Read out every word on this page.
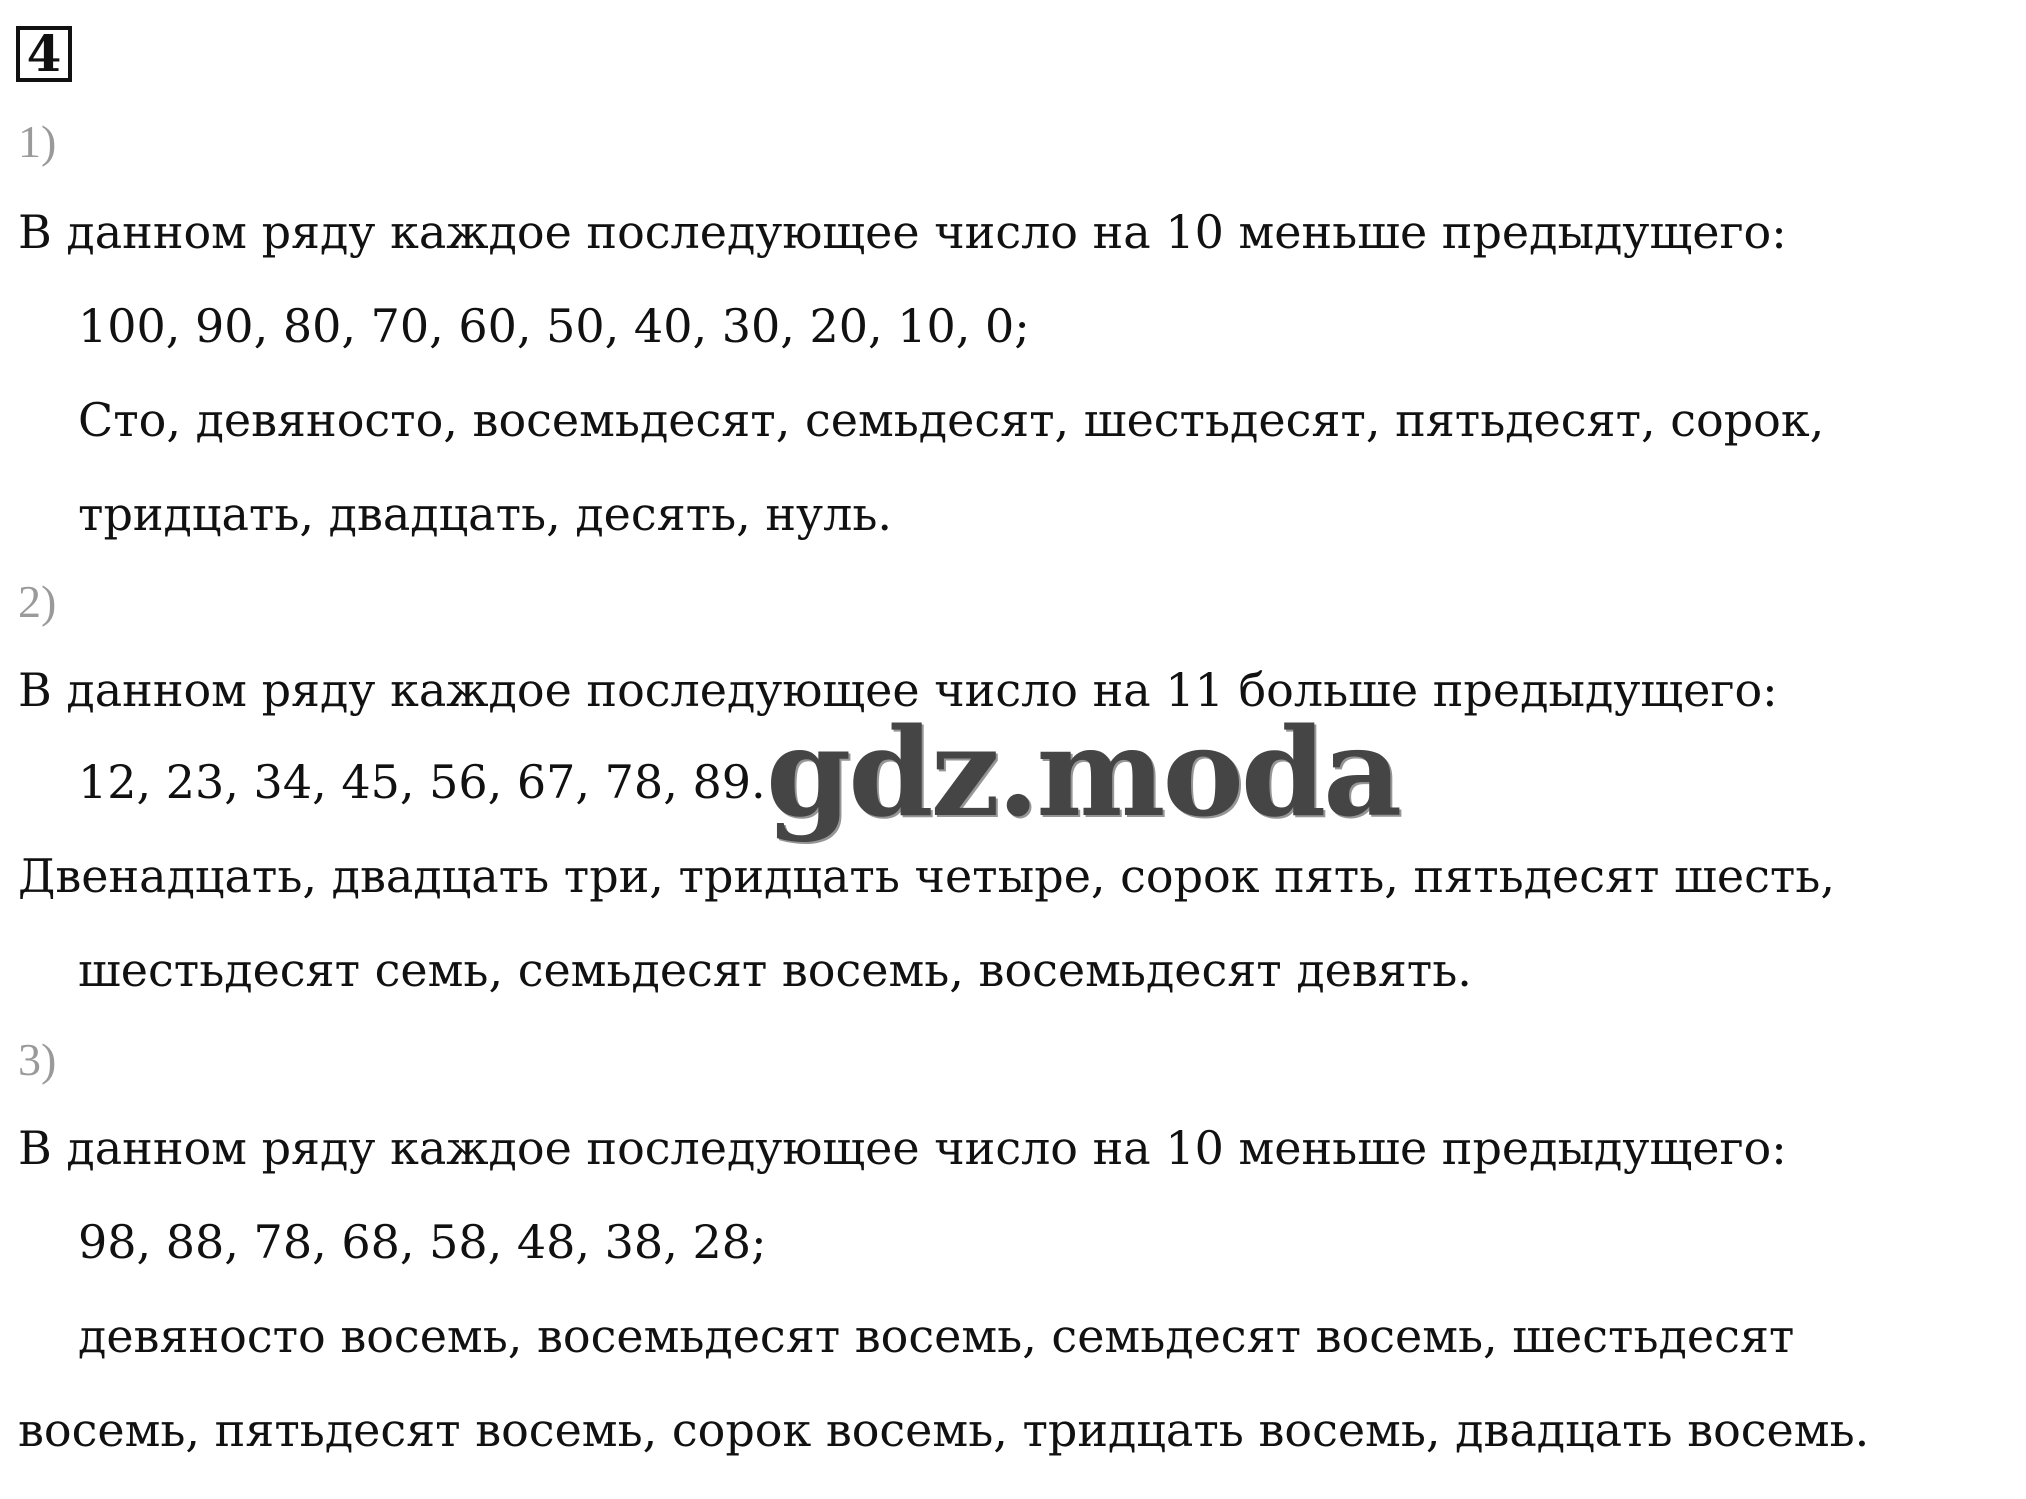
4
1)
В данном ряду каждое последующее число на 10 меньше предыдущего:
100, 90, 80, 70, 60, 50, 40, 30, 20, 10, 0;
Сто, девяносто, восемьдесят, семьдесят, шестьдесят, пятьдесят, сорок,
тридцать, двадцать, десять, нуль.
2)
В данном ряду каждое последующее число на 11 больше предыдущего:
12, 23, 34, 45, 56, 67, 78, 89.
Двенадцать, двадцать три, тридцать четыре, сорок пять, пятьдесят шесть,
шестьдесят семь, семьдесят восемь, восемьдесят девять.
3)
В данном ряду каждое последующее число на 10 меньше предыдущего:
98, 88, 78, 68, 58, 48, 38, 28;
девяносто восемь, восемьдесят восемь, семьдесят восемь, шестьдесят
восемь, пятьдесят восемь, сорок восемь, тридцать восемь, двадцать восемь.
gdz.moda
